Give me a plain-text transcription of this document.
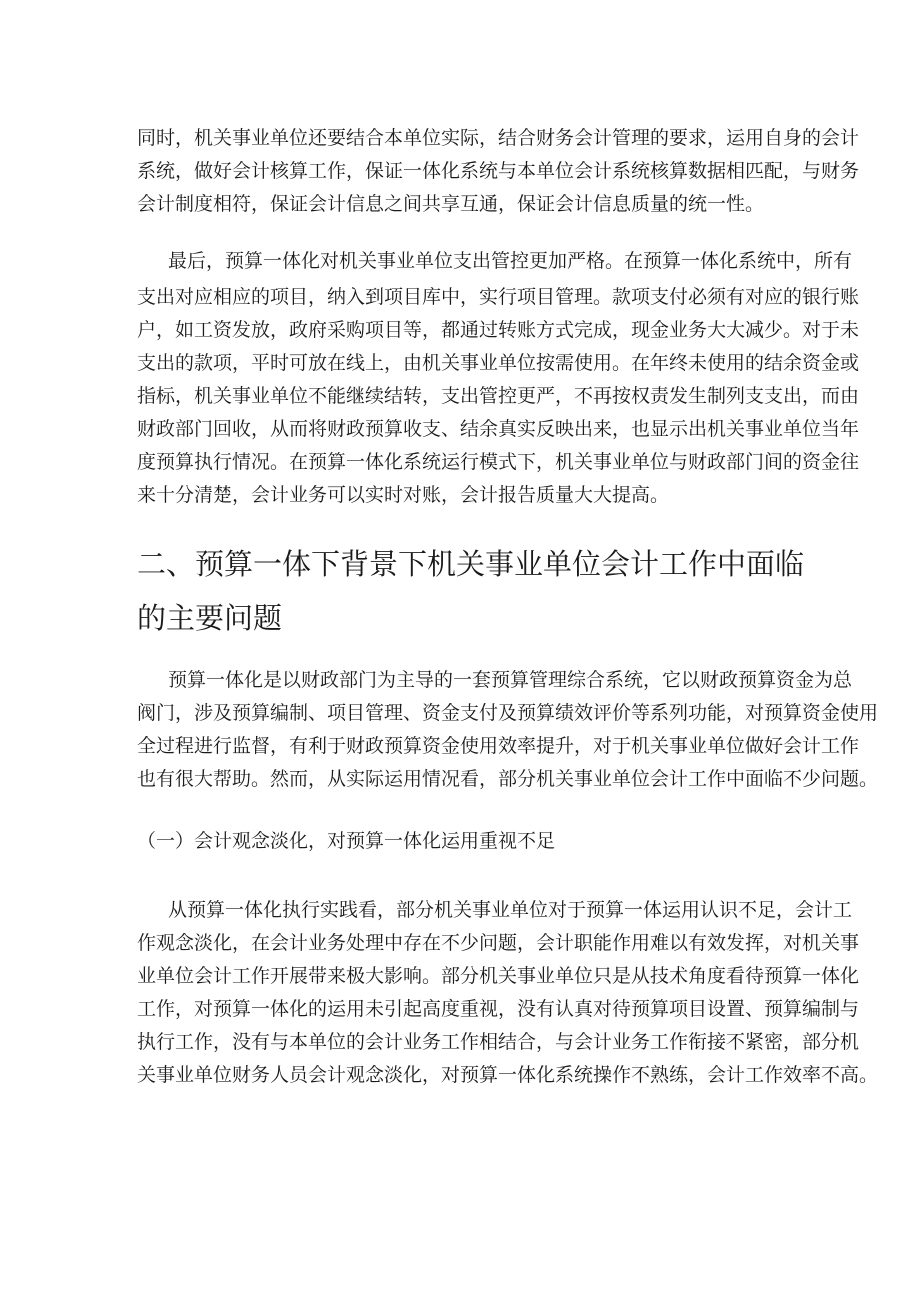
同时，机关事业单位还要结合本单位实际，结合财务会计管理的要求，运用自身的会计
系统，做好会计核算工作，保证一体化系统与本单位会计系统核算数据相匹配，与财务
会计制度相符，保证会计信息之间共享互通，保证会计信息质量的统一性。
最后，预算一体化对机关事业单位支出管控更加严格。在预算一体化系统中，所有
支出对应相应的项目，纳入到项目库中，实行项目管理。款项支付必须有对应的银行账
户，如工资发放，政府采购项目等，都通过转账方式完成，现金业务大大减少。对于未
支出的款项，平时可放在线上，由机关事业单位按需使用。在年终未使用的结余资金或
指标，机关事业单位不能继续结转，支出管控更严，不再按权责发生制列支支出，而由
财政部门回收，从而将财政预算收支、结余真实反映出来，也显示出机关事业单位当年
度预算执行情况。在预算一体化系统运行模式下，机关事业单位与财政部门间的资金往
来十分清楚，会计业务可以实时对账，会计报告质量大大提高。
二、预算一体下背景下机关事业单位会计工作中面临
的主要问题
预算一体化是以财政部门为主导的一套预算管理综合系统，它以财政预算资金为总
阀门，涉及预算编制、项目管理、资金支付及预算绩效评价等系列功能，对预算资金使用
全过程进行监督，有利于财政预算资金使用效率提升，对于机关事业单位做好会计工作
也有很大帮助。然而，从实际运用情况看，部分机关事业单位会计工作中面临不少问题。
（一）会计观念淡化，对预算一体化运用重视不足
从预算一体化执行实践看，部分机关事业单位对于预算一体运用认识不足，会计工
作观念淡化，在会计业务处理中存在不少问题，会计职能作用难以有效发挥，对机关事
业单位会计工作开展带来极大影响。部分机关事业单位只是从技术角度看待预算一体化
工作，对预算一体化的运用未引起高度重视，没有认真对待预算项目设置、预算编制与
执行工作，没有与本单位的会计业务工作相结合，与会计业务工作衔接不紧密，部分机
关事业单位财务人员会计观念淡化，对预算一体化系统操作不熟练，会计工作效率不高。
